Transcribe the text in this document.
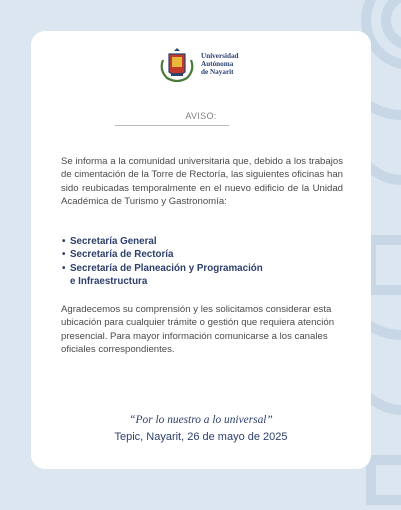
Universidad
Autónoma
de Nayarit
AVISO:
Se informa a la comunidad universitaria que, debido a los trabajos de cimentación de la Torre de Rectoría, las siguientes oficinas han sido reubicadas temporalmente en el nuevo edificio de la Unidad Académica de Turismo y Gastronomía:
• Secretaría General
• Secretaría de Rectoría
• Secretaría de Planeación y Programación
e Infraestructura
Agradecemos su comprensión y les solicitamos considerar esta ubicación para cualquier trámite o gestión que requiera atención presencial. Para mayor información comunicarse a los canales oficiales correspondientes.
“Por lo nuestro a lo universal”
Tepic, Nayarit, 26 de mayo de 2025
